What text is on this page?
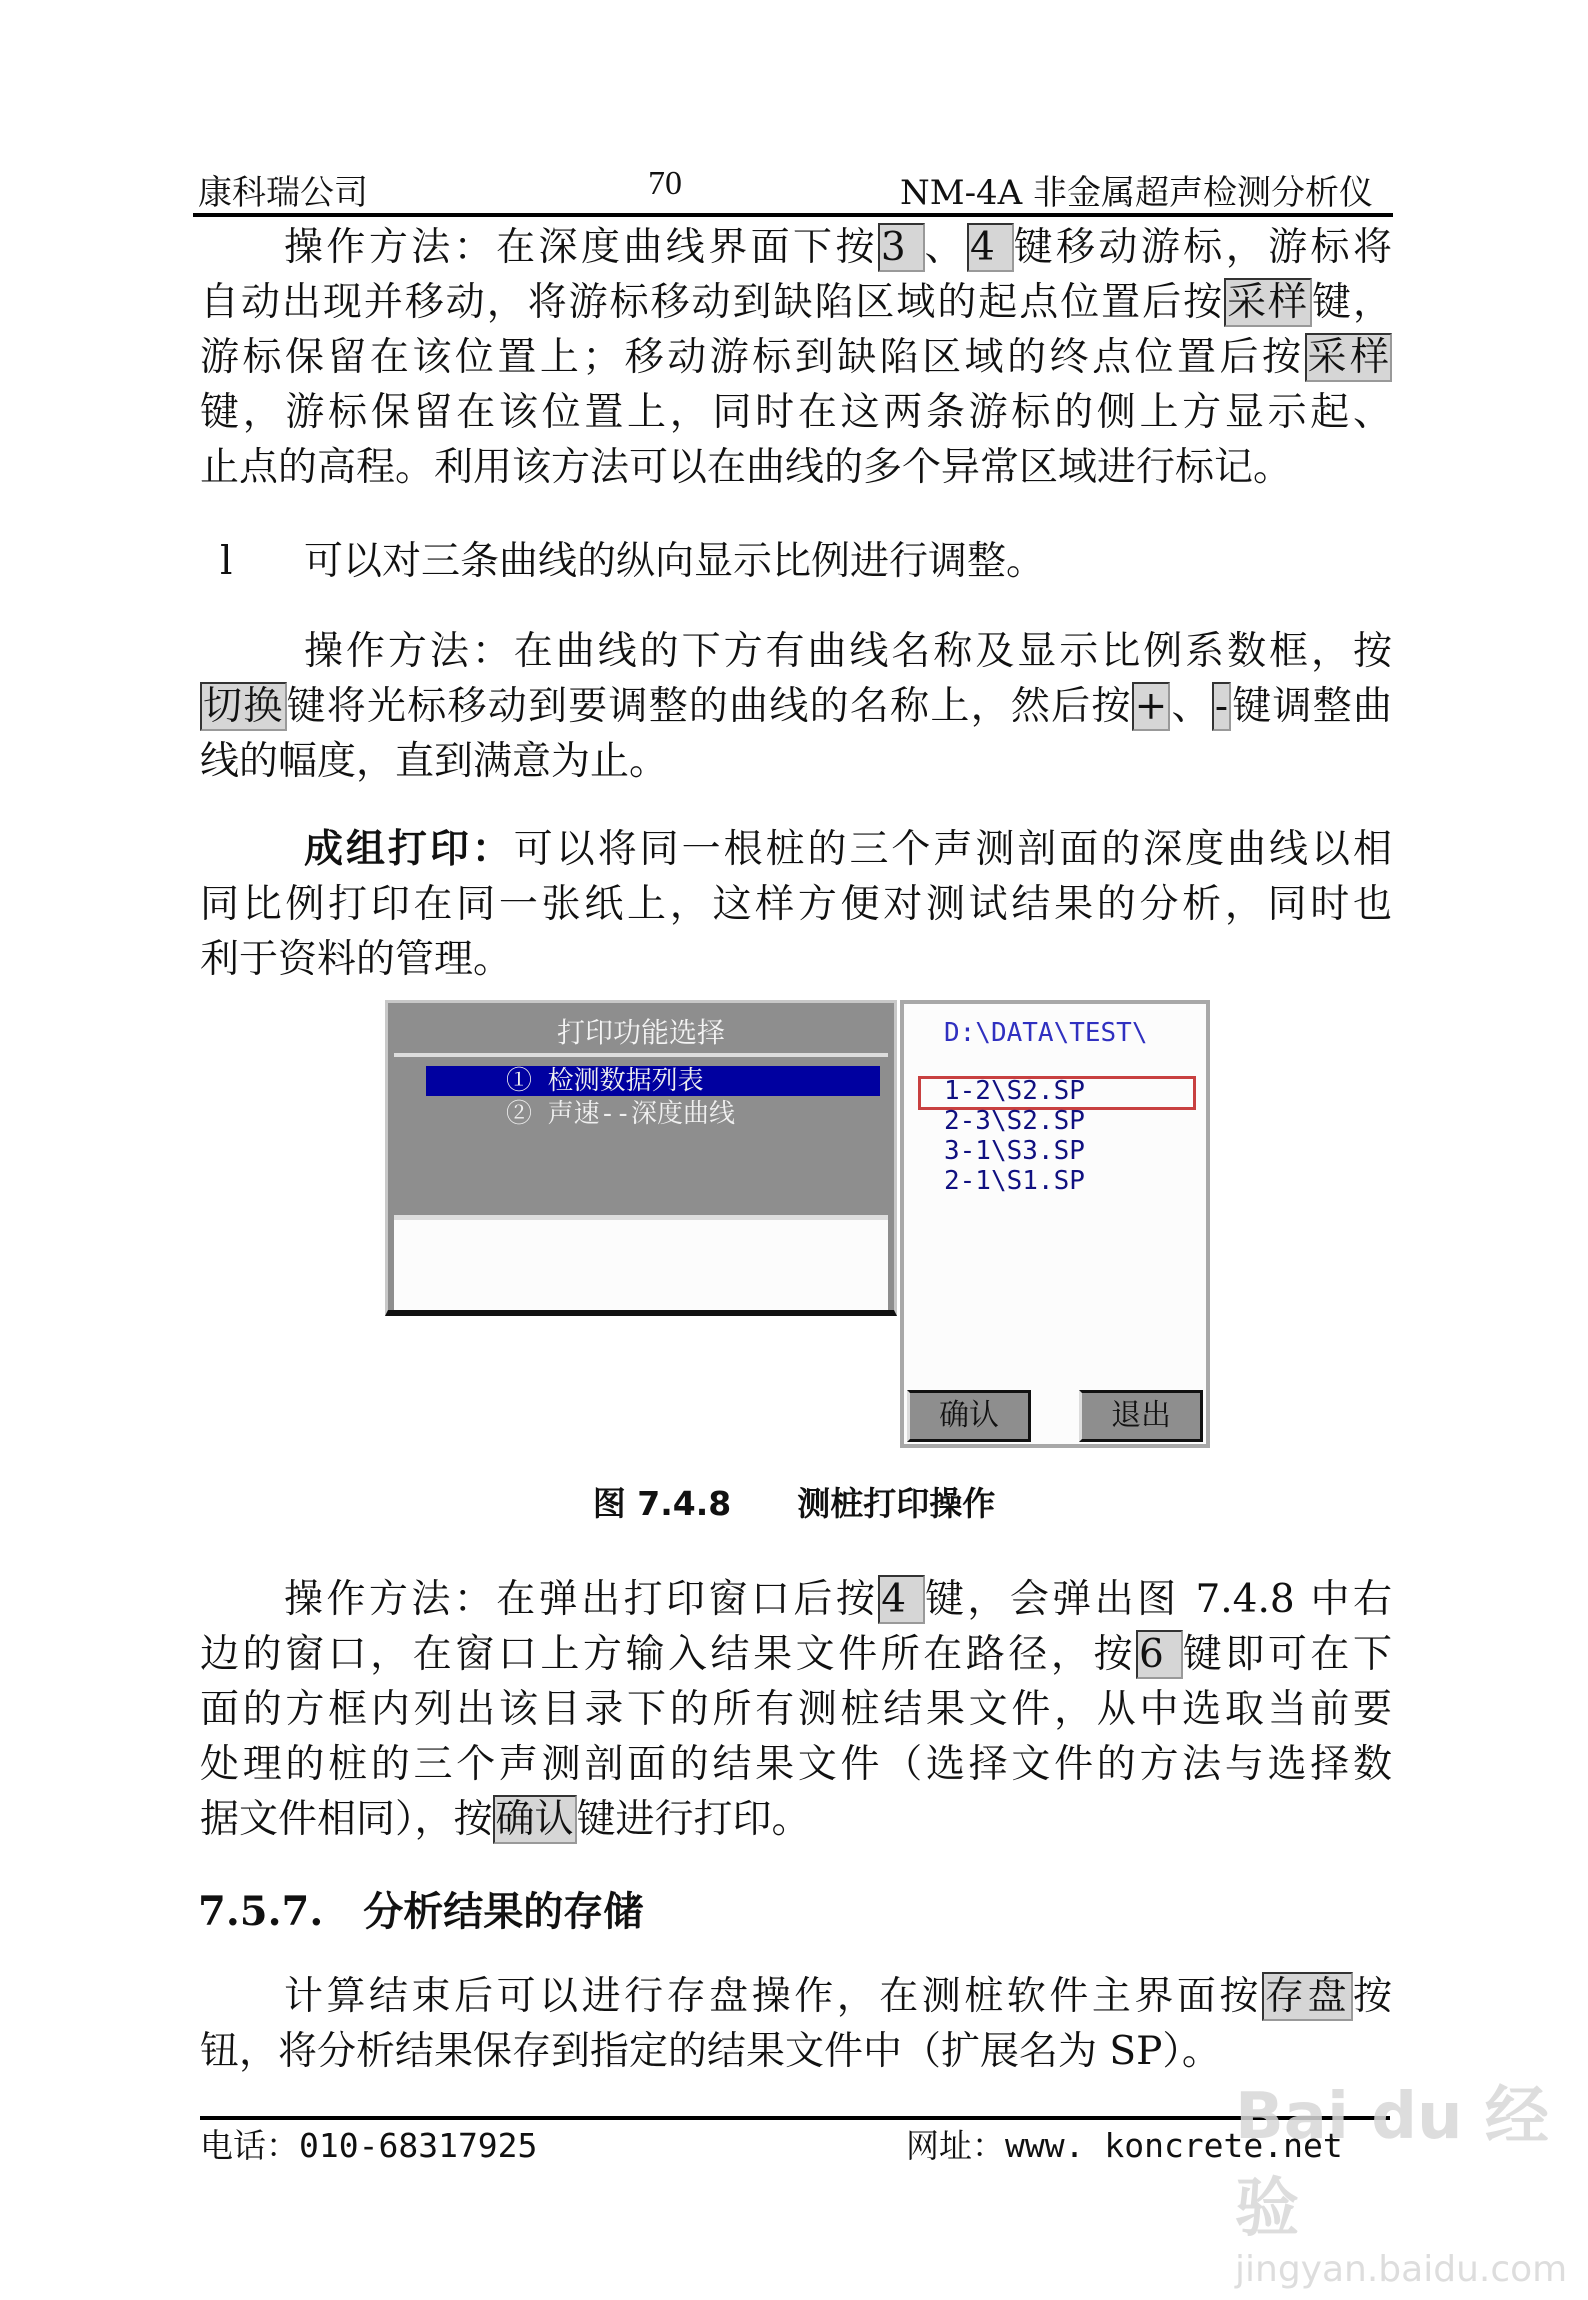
康科瑞公司	70	NM-4A 非金属超声检测分析仪
操作方法：在深度曲线界面下按3 、4 键移动游标，游标将
自动出现并移动，将游标移动到缺陷区域的起点位置后按采样键，
游标保留在该位置上；移动游标到缺陷区域的终点位置后按采样
键，游标保留在该位置上，同时在这两条游标的侧上方显示起、
止点的高程。利用该方法可以在曲线的多个异常区域进行标记。
l 可以对三条曲线的纵向显示比例进行调整。
操作方法：在曲线的下方有曲线名称及显示比例系数框，按
切换键将光标移动到要调整的曲线的名称上，然后按+、-键调整曲
线的幅度，直到满意为止。
成组打印：可以将同一根桩的三个声测剖面的深度曲线以相
同比例打印在同一张纸上，这样方便对测试结果的分析，同时也
利于资料的管理。
打印功能选择
① 检测数据列表
② 声速--深度曲线
D:\DATA\TEST\
1-2\S2.SP
2-3\S2.SP
3-1\S3.SP
2-1\S1.SP
确认	退出
图 7.4.8　　测桩打印操作
操作方法：在弹出打印窗口后按4 键，会弹出图 7.4.8 中右
边的窗口，在窗口上方输入结果文件所在路径，按6 键即可在下
面的方框内列出该目录下的所有测桩结果文件，从中选取当前要
处理的桩的三个声测剖面的结果文件（选择文件的方法与选择数
据文件相同），按确认键进行打印。
7.5.7.　分析结果的存储
计算结束后可以进行存盘操作，在测桩软件主界面按存盘按
钮，将分析结果保存到指定的结果文件中（扩展名为 SP）。
电话：010-68317925	网址：www. koncrete.net
Bai du 经验
jingyan.baidu.com
